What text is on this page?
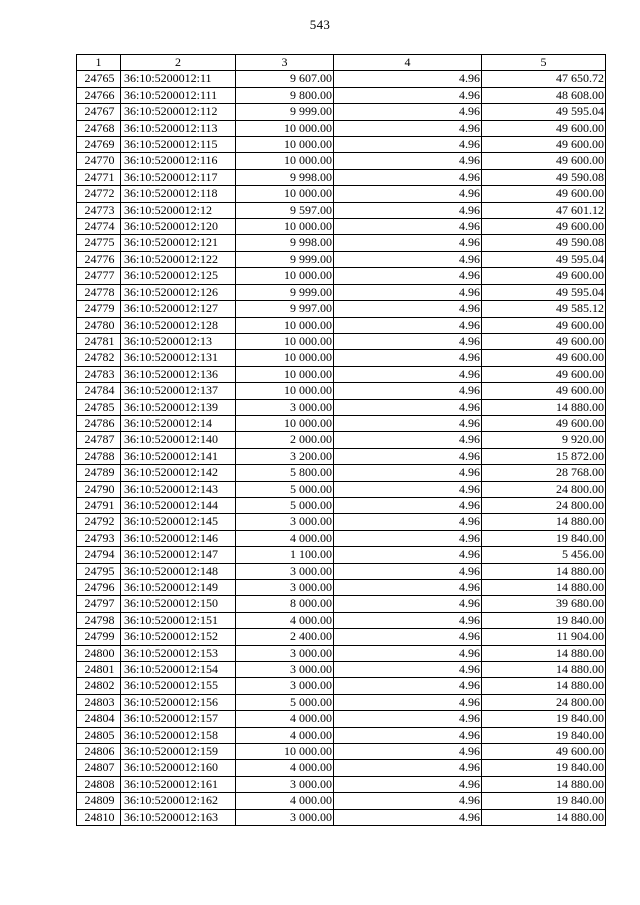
543
1	2	3	4	5
24765	36:10:5200012:11	9 607.00	4.96	47 650.72
24766	36:10:5200012:111	9 800.00	4.96	48 608.00
24767	36:10:5200012:112	9 999.00	4.96	49 595.04
24768	36:10:5200012:113	10 000.00	4.96	49 600.00
24769	36:10:5200012:115	10 000.00	4.96	49 600.00
24770	36:10:5200012:116	10 000.00	4.96	49 600.00
24771	36:10:5200012:117	9 998.00	4.96	49 590.08
24772	36:10:5200012:118	10 000.00	4.96	49 600.00
24773	36:10:5200012:12	9 597.00	4.96	47 601.12
24774	36:10:5200012:120	10 000.00	4.96	49 600.00
24775	36:10:5200012:121	9 998.00	4.96	49 590.08
24776	36:10:5200012:122	9 999.00	4.96	49 595.04
24777	36:10:5200012:125	10 000.00	4.96	49 600.00
24778	36:10:5200012:126	9 999.00	4.96	49 595.04
24779	36:10:5200012:127	9 997.00	4.96	49 585.12
24780	36:10:5200012:128	10 000.00	4.96	49 600.00
24781	36:10:5200012:13	10 000.00	4.96	49 600.00
24782	36:10:5200012:131	10 000.00	4.96	49 600.00
24783	36:10:5200012:136	10 000.00	4.96	49 600.00
24784	36:10:5200012:137	10 000.00	4.96	49 600.00
24785	36:10:5200012:139	3 000.00	4.96	14 880.00
24786	36:10:5200012:14	10 000.00	4.96	49 600.00
24787	36:10:5200012:140	2 000.00	4.96	9 920.00
24788	36:10:5200012:141	3 200.00	4.96	15 872.00
24789	36:10:5200012:142	5 800.00	4.96	28 768.00
24790	36:10:5200012:143	5 000.00	4.96	24 800.00
24791	36:10:5200012:144	5 000.00	4.96	24 800.00
24792	36:10:5200012:145	3 000.00	4.96	14 880.00
24793	36:10:5200012:146	4 000.00	4.96	19 840.00
24794	36:10:5200012:147	1 100.00	4.96	5 456.00
24795	36:10:5200012:148	3 000.00	4.96	14 880.00
24796	36:10:5200012:149	3 000.00	4.96	14 880.00
24797	36:10:5200012:150	8 000.00	4.96	39 680.00
24798	36:10:5200012:151	4 000.00	4.96	19 840.00
24799	36:10:5200012:152	2 400.00	4.96	11 904.00
24800	36:10:5200012:153	3 000.00	4.96	14 880.00
24801	36:10:5200012:154	3 000.00	4.96	14 880.00
24802	36:10:5200012:155	3 000.00	4.96	14 880.00
24803	36:10:5200012:156	5 000.00	4.96	24 800.00
24804	36:10:5200012:157	4 000.00	4.96	19 840.00
24805	36:10:5200012:158	4 000.00	4.96	19 840.00
24806	36:10:5200012:159	10 000.00	4.96	49 600.00
24807	36:10:5200012:160	4 000.00	4.96	19 840.00
24808	36:10:5200012:161	3 000.00	4.96	14 880.00
24809	36:10:5200012:162	4 000.00	4.96	19 840.00
24810	36:10:5200012:163	3 000.00	4.96	14 880.00
